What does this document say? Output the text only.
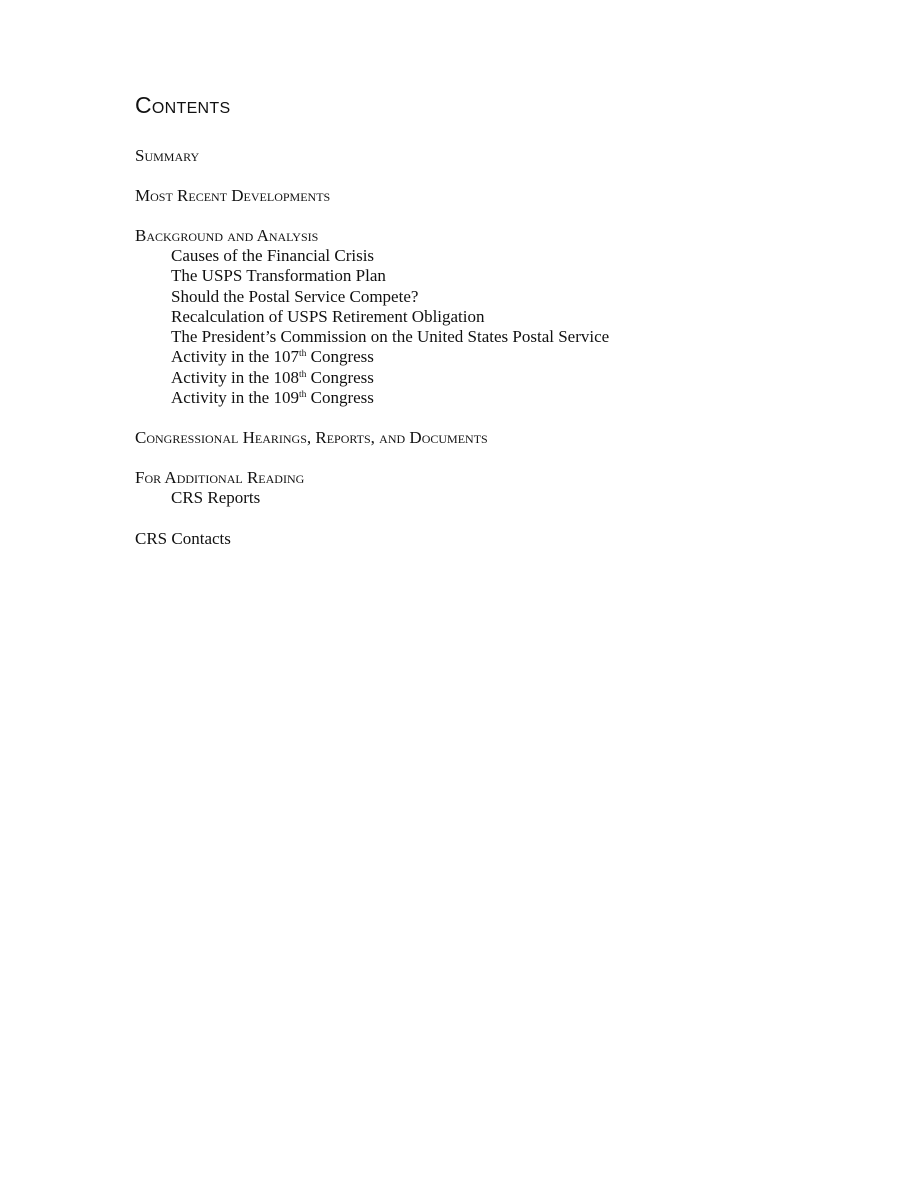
Contents
Summary
Most Recent Developments
Background and Analysis
Causes of the Financial Crisis
The USPS Transformation Plan
Should the Postal Service Compete?
Recalculation of USPS Retirement Obligation
The President’s Commission on the United States Postal Service
Activity in the 107th Congress
Activity in the 108th Congress
Activity in the 109th Congress
Congressional Hearings, Reports, and Documents
For Additional Reading
CRS Reports
CRS Contacts
